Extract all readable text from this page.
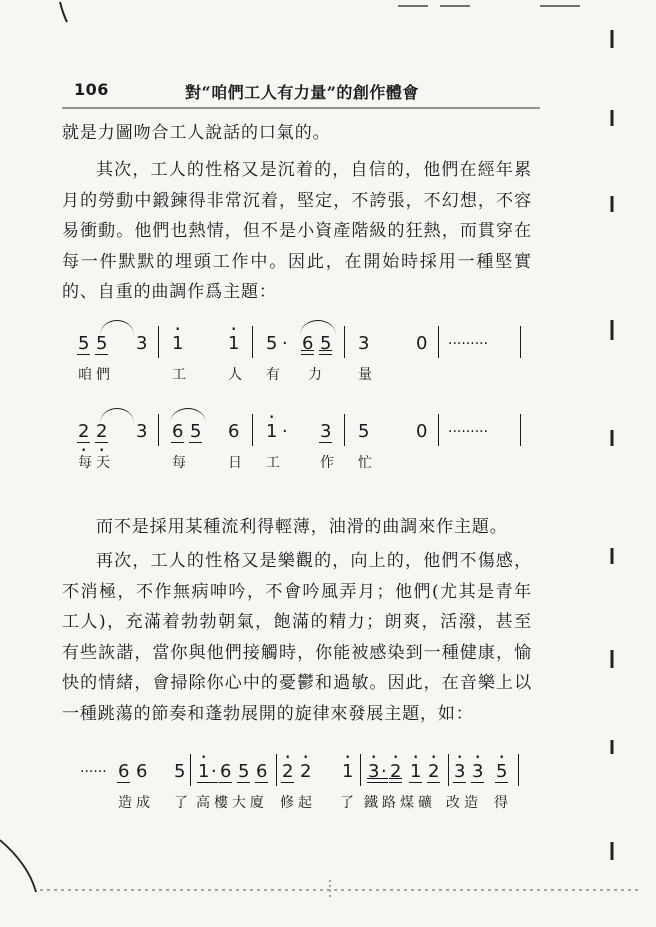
106	對“咱們工人有力量”的創作體會

就是力圖吻合工人說話的口氣的。

其次，工人的性格又是沉着的，自信的，他們在經年累月的勞動中鍛鍊得非常沉着，堅定，不誇張，不幻想，不容易衝動。他們也熱情，但不是小資產階級的狂熱，而貫穿在每一件默默的埋頭工作中。因此，在開始時採用一種堅實的、自重的曲調作爲主題：

5 5 3 · 1 · 1 5 · 6 5 3	0 ·········
咱 們	工	人 有 力	量
· 2 · 2 3 6 5 6 · 1 · 3 5	0 ·········
每 天	每	日 工	作 忙

而不是採用某種流利得輕薄，油滑的曲調來作主題。

再次，工人的性格又是樂觀的，向上的，他們不傷感，不消極，不作無病呻吟，不會吟風弄月；他們(尤其是青年工人)，充滿着勃勃朝氣，飽滿的精力；朗爽，活潑，甚至有些詼諧，當你與他們接觸時，你能被感染到一種健康，愉快的情緒，會掃除你心中的憂鬱和過敏。因此，在音樂上以一種跳蕩的節奏和蓬勃展開的旋律來發展主題，如：

······ 6 6 5 · 1 · 6 5 6 · 2 · 2 · 1 · 3 · · 2 · 1 · 2 · 3 · 3 · 5
造 成 了 高 樓 大 廈 修 起 了 鐵 路 煤 礦 改 造 得
